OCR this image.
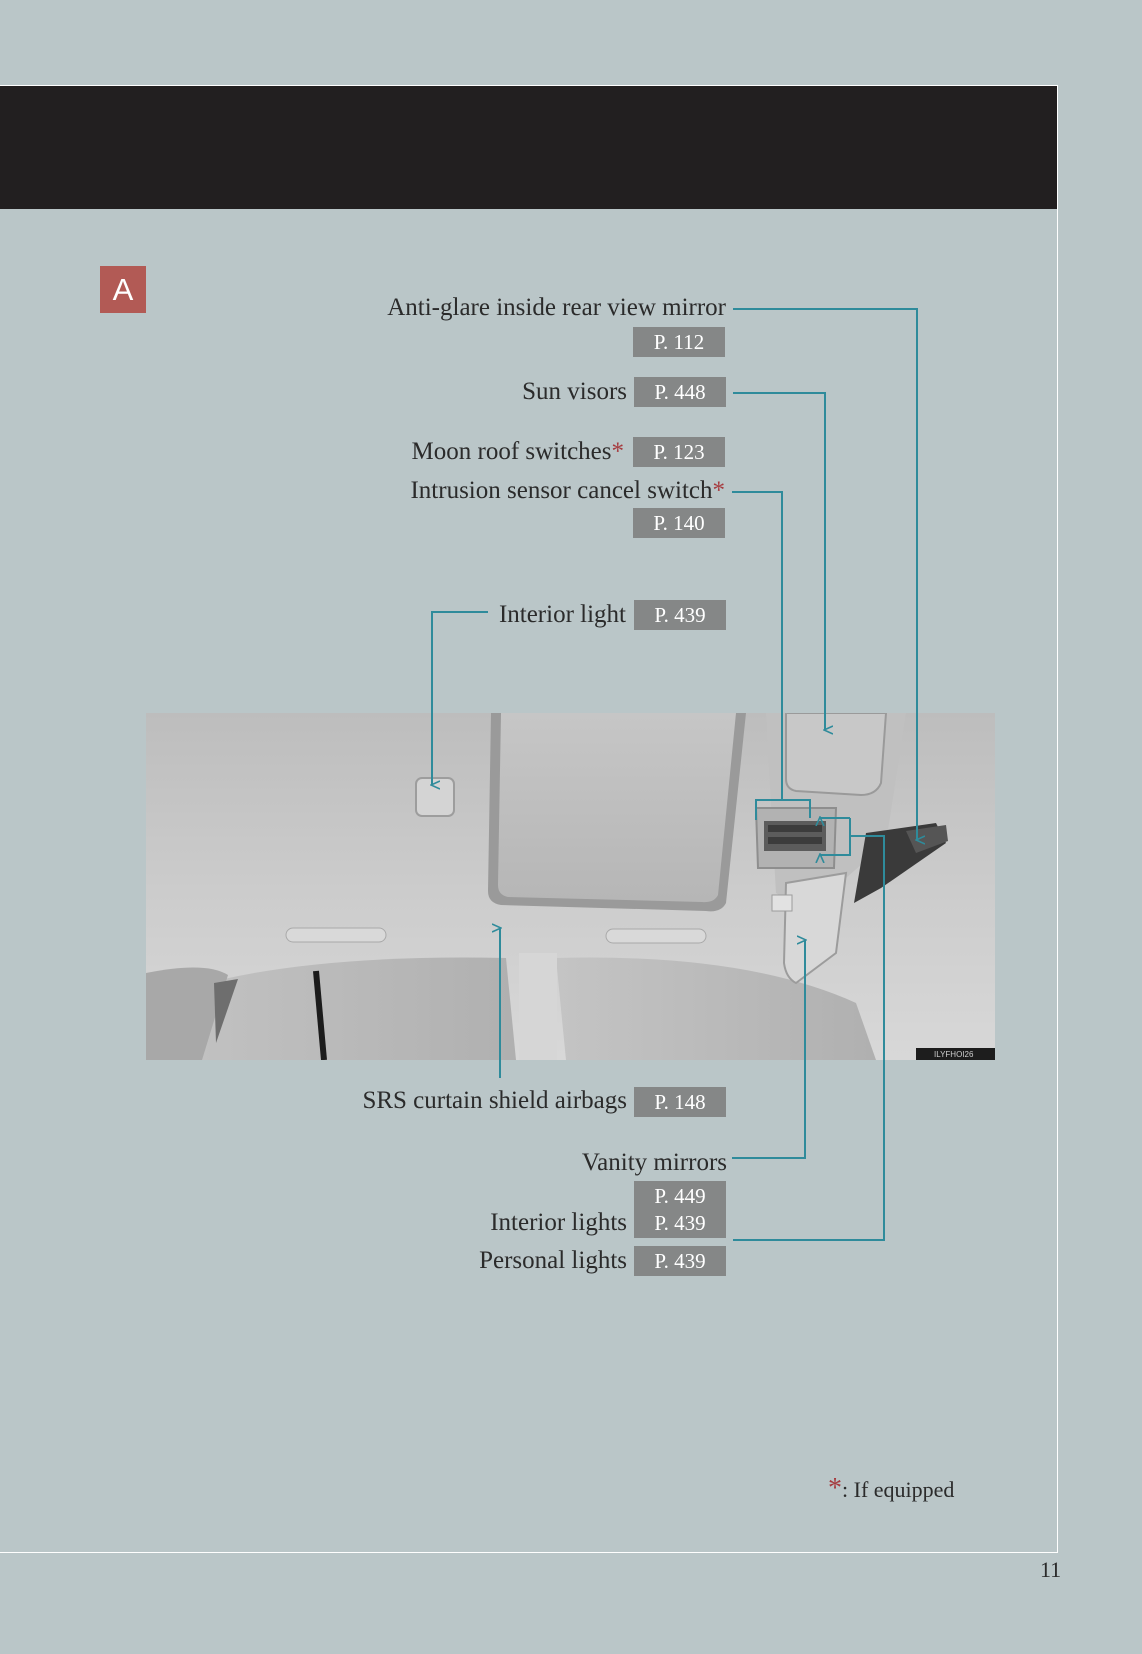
A
Anti-glare inside rear view mirror
P. 112
Sun visors	P. 448
Moon roof switches*	P. 123
Intrusion sensor cancel switch*
P. 140
Interior light	P. 439
ILYFHOI26
SRS curtain shield airbags	P. 148
Vanity mirrors
P. 449
Interior lights	P. 439
Personal lights	P. 439
*: If equipped
11
